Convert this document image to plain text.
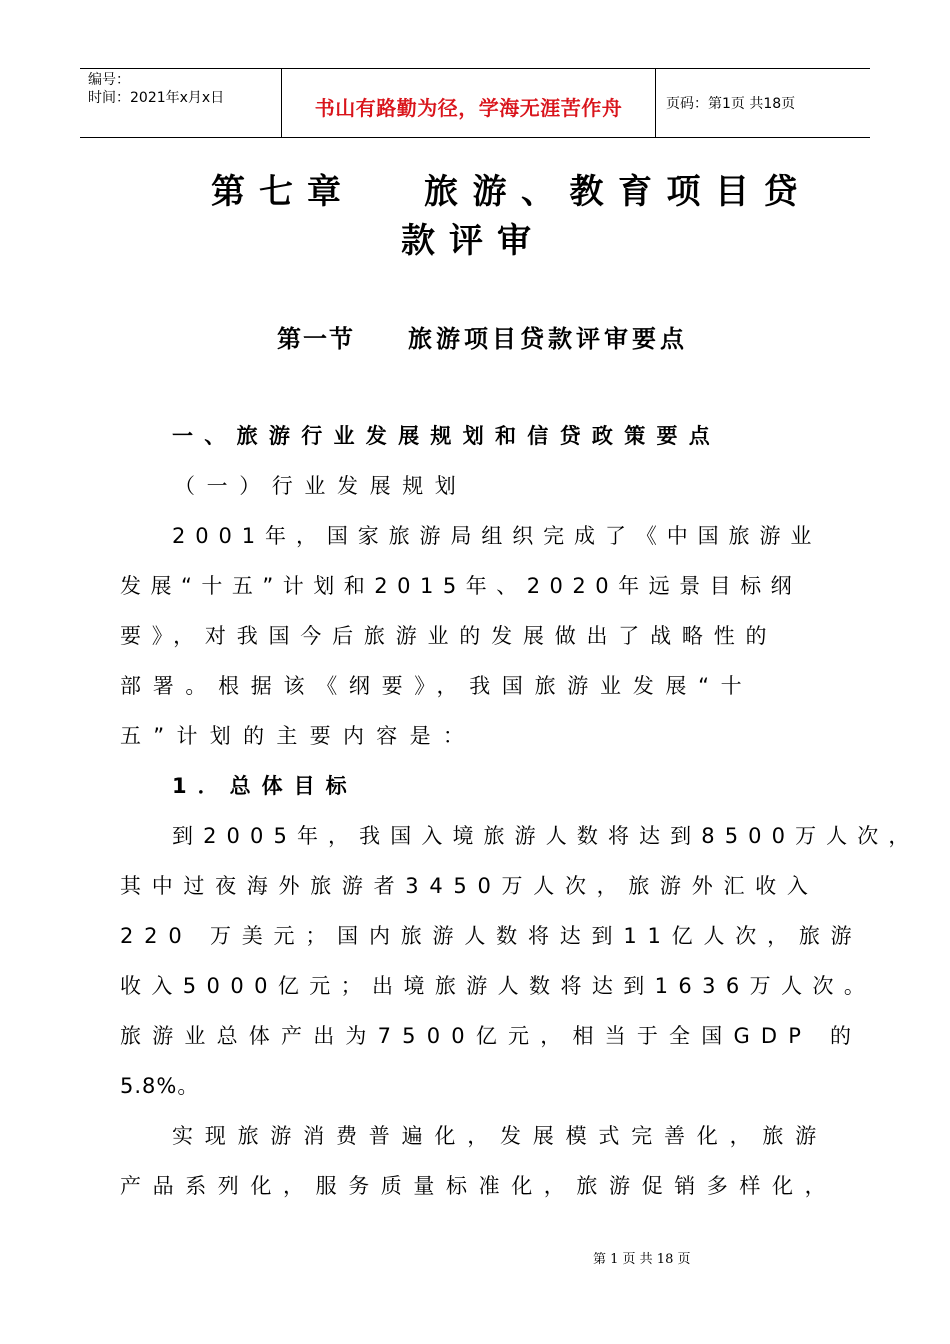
编号：
时间：2021年x月x日	书山有路勤为径，学海无涯苦作舟	页码：第1页 共18页
第七章 旅游、教育项目贷
款评审
第一节 旅游项目贷款评审要点
一、旅游行业发展规划和信贷政策要点
（一）行业发展规划
2001年，国家旅游局组织完成了《中国旅游业
发展“十五”计划和2015年、2020年远景目标纲
要》，对我国今后旅游业的发展做出了战略性的
部署。根据该《纲要》，我国旅游业发展“十
五”计划的主要内容是：
1．总体目标
到2005年，我国入境旅游人数将达到8500万人次，
其中过夜海外旅游者3450万人次，旅游外汇收入
220 万美元；国内旅游人数将达到11亿人次，旅游
收入5000亿元；出境旅游人数将达到1636万人次。
旅游业总体产出为7500亿元，相当于全国GDP 的
5.8%。
实现旅游消费普遍化，发展模式完善化，旅游
产品系列化，服务质量标准化，旅游促销多样化，
第 1 页 共 18 页
